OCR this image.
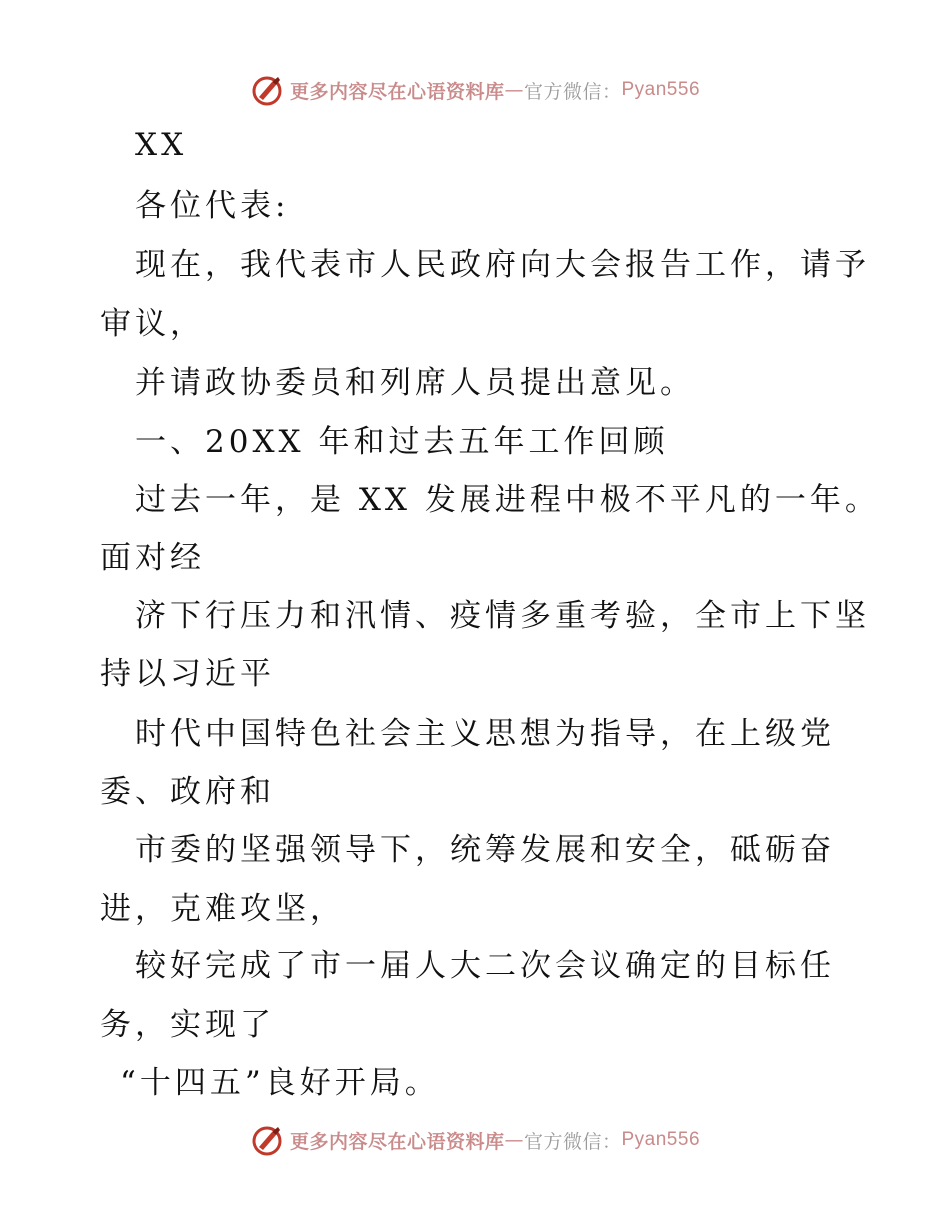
更多内容尽在心语资料库 — 官方微信： Pyan556
XX
各位代表:
现在，我代表市人民政府向大会报告工作，请予
审议，
并请政协委员和列席人员提出意见。
一、20XX 年和过去五年工作回顾
过去一年，是 XX 发展进程中极不平凡的一年。
面对经
济下行压力和汛情、疫情多重考验，全市上下坚
持以习近平
时代中国特色社会主义思想为指导，在上级党
委、政府和
市委的坚强领导下，统筹发展和安全，砥砺奋
进，克难攻坚，
较好完成了市一届人大二次会议确定的目标任
务，实现了
“十四五”良好开局。
更多内容尽在心语资料库 — 官方微信： Pyan556
